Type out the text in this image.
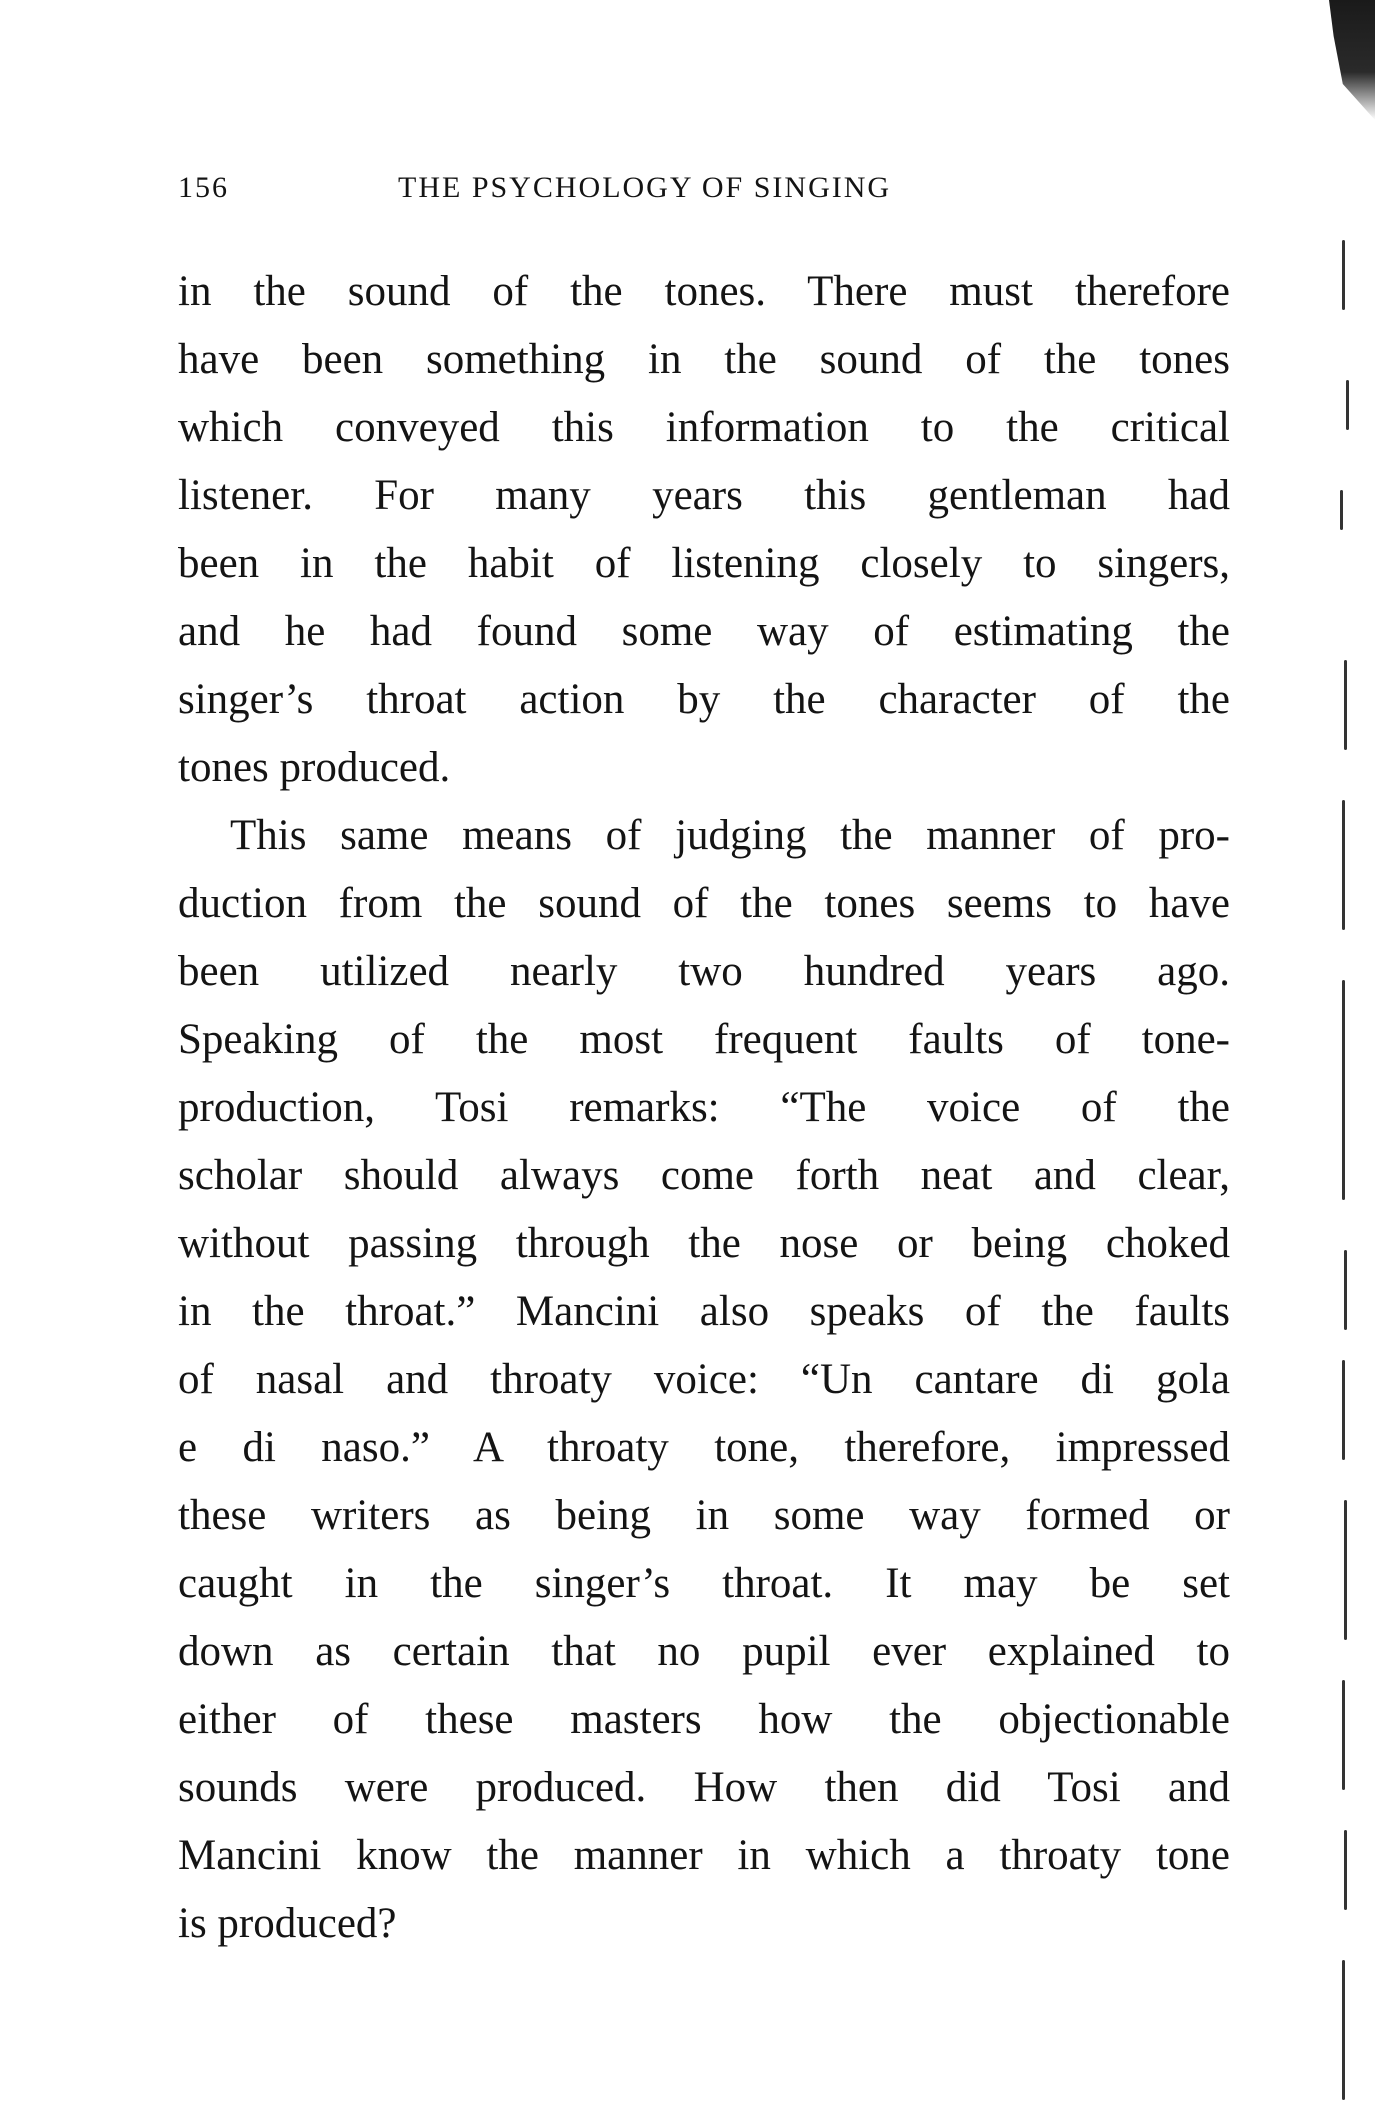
156	THE PSYCHOLOGY OF SINGING
in the sound of the tones. There must therefore
have been something in the sound of the tones
which conveyed this information to the critical
listener. For many years this gentleman had
been in the habit of listening closely to singers,
and he had found some way of estimating the
singer’s throat action by the character of the
tones produced.
This same means of judging the manner of pro-
duction from the sound of the tones seems to have
been utilized nearly two hundred years ago.
Speaking of the most frequent faults of tone-
production, Tosi remarks: “The voice of the
scholar should always come forth neat and clear,
without passing through the nose or being choked
in the throat.” Mancini also speaks of the faults
of nasal and throaty voice: “Un cantare di gola
e di naso.” A throaty tone, therefore, impressed
these writers as being in some way formed or
caught in the singer’s throat. It may be set
down as certain that no pupil ever explained to
either of these masters how the objectionable
sounds were produced. How then did Tosi and
Mancini know the manner in which a throaty tone
is produced?
